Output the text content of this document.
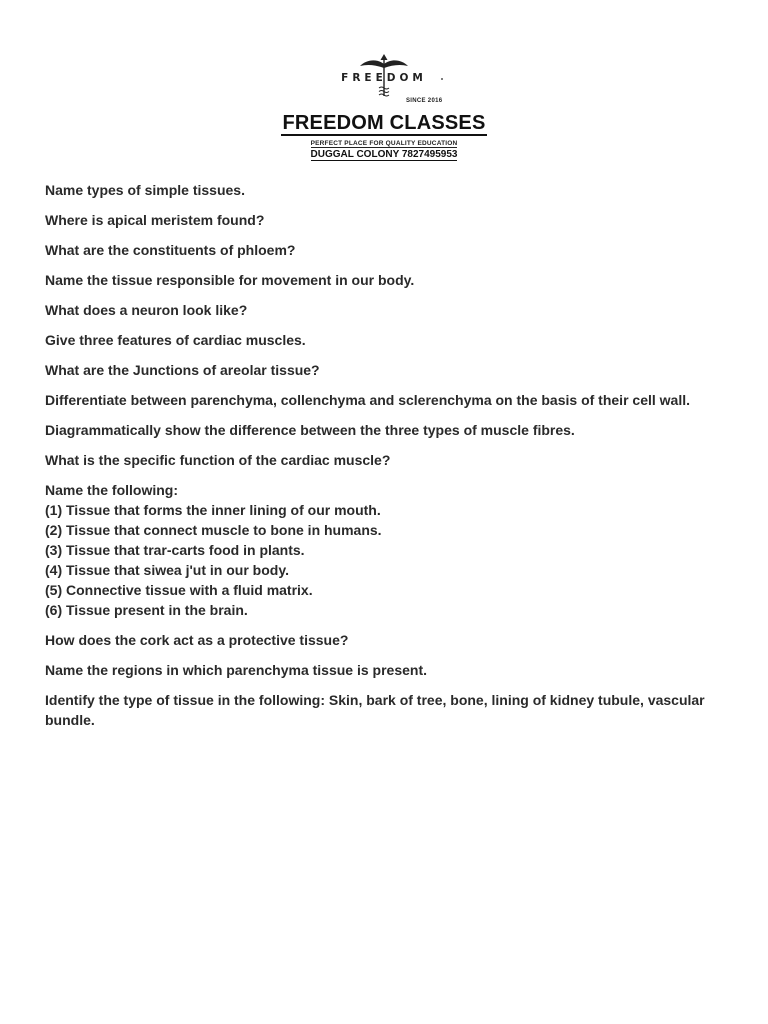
FREEDOM
SINCE 2016
FREEDOM CLASSES
PERFECT PLACE FOR QUALITY EDUCATION
DUGGAL COLONY 7827495953

Name types of simple tissues.

Where is apical meristem found?

What are the constituents of phloem?

Name the tissue responsible for movement in our body.

What does a neuron look like?

Give three features of cardiac muscles.

What are the Junctions of areolar tissue?

Differentiate between parenchyma, collenchyma and sclerenchyma on the basis of their cell wall.

Diagrammatically show the difference between the three types of muscle fibres.

What is the specific function of the cardiac muscle?

Name the following:
(1) Tissue that forms the inner lining of our mouth.
(2) Tissue that connect muscle to bone in humans.
(3) Tissue that trar-carts food in plants.
(4) Tissue that siwea j'ut in our body.
(5) Connective tissue with a fluid matrix.
(6) Tissue present in the brain.

How does the cork act as a protective tissue?

Name the regions in which parenchyma tissue is present.

Identify the type of tissue in the following: Skin, bark of tree, bone, lining of kidney tubule, vascular bundle.
